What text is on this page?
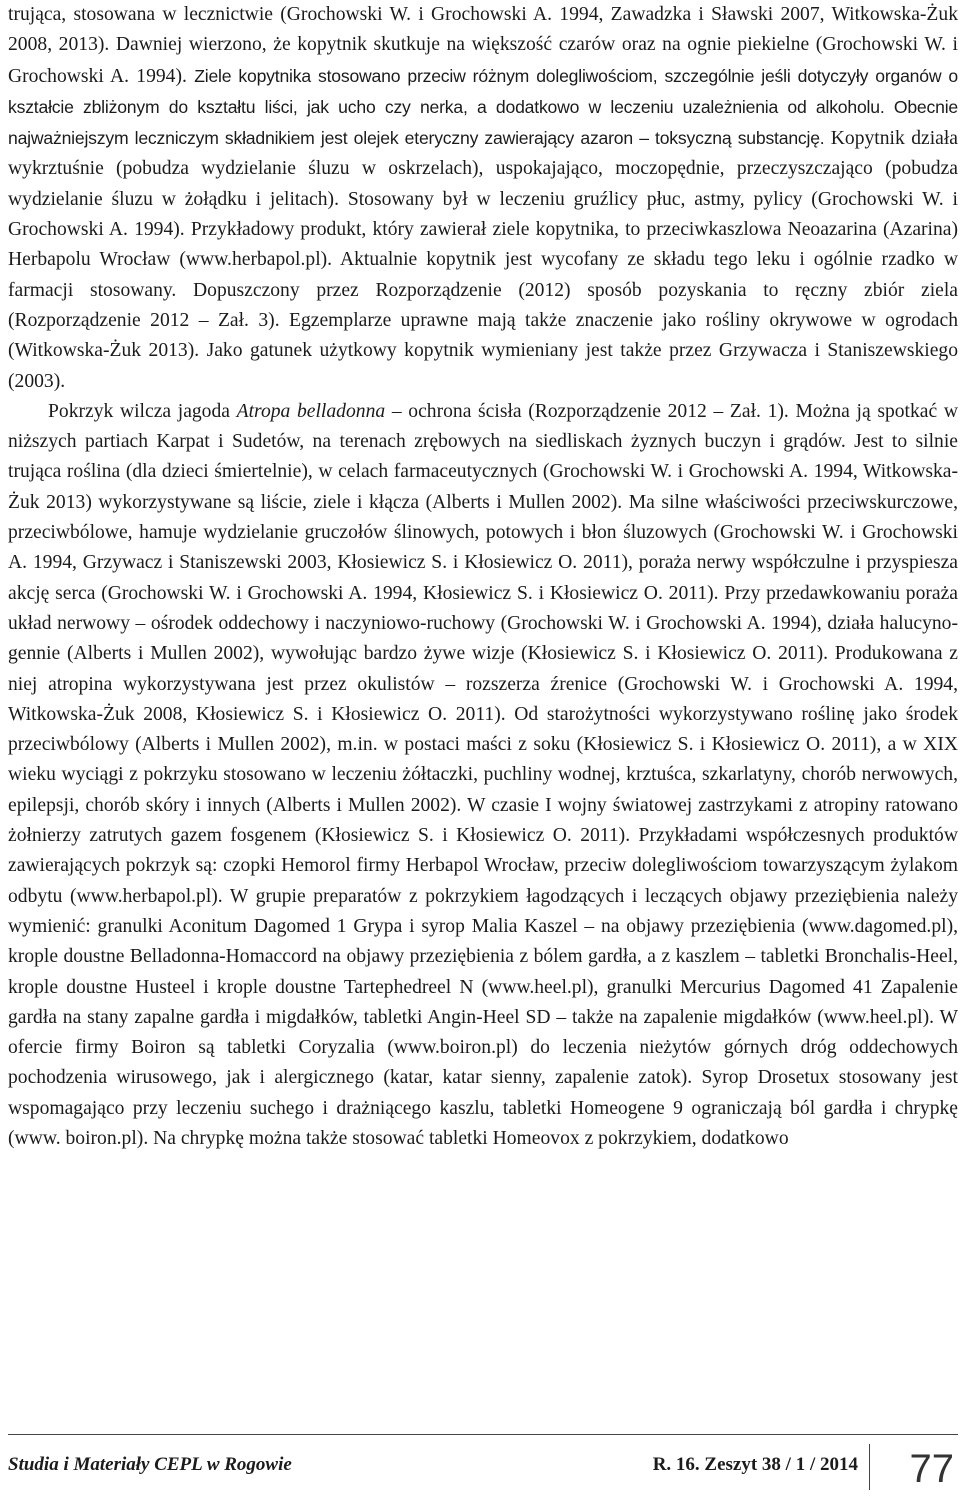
trująca, stosowana w lecznictwie (Grochowski W. i Grochowski A. 1994, Zawadzka i Sławski 2007, Witkowska-Żuk 2008, 2013). Dawniej wierzono, że kopytnik skutkuje na większość czarów oraz na ognie piekielne (Grochowski W. i Grochowski A. 1994). Ziele kopytnika stosowano przeciw różnym dolegliwościom, szczególnie jeśli dotyczyły organów o kształcie zbliżonym do kształtu liści, jak ucho czy nerka, a dodatkowo w leczeniu uzależnienia od alkoholu. Obecnie najważniejszym leczniczym składnikiem jest olejek eteryczny zawierający azaron – toksyczną substancję. Kopytnik działa wykrztuśnie (pobudza wydzielanie śluzu w oskrzelach), uspokajająco, moczopędnie, przeczyszczająco (pobudza wydzielanie śluzu w żołądku i jelitach). Stosowany był w leczeniu gruźlicy płuc, astmy, pylicy (Grochowski W. i Grochowski A. 1994). Przykładowy produkt, który zawierał ziele kopytnika, to przeciwkaszlowa Neoazarina (Azarina) Herbapolu Wrocław (www.herbapol.pl). Aktualnie kopytnik jest wycofany ze składu tego leku i ogólnie rzadko w farmacji stosowany. Dopuszczony przez Rozporządzenie (2012) sposób pozyskania to ręczny zbiór ziela (Rozporządzenie 2012 – Zał. 3). Egzemplarze uprawne mają także znaczenie jako rośliny okrywowe w ogrodach (Witkowska-Żuk 2013). Jako gatunek użytkowy kopytnik wymieniany jest także przez Grzywacza i Staniszewskiego (2003).

Pokrzyk wilcza jagoda Atropa belladonna – ochrona ścisła (Rozporządzenie 2012 – Zał. 1). Można ją spotkać w niższych partiach Karpat i Sudetów, na terenach zrębowych na siedliskach żyznych buczyn i grądów. Jest to silnie trująca roślina (dla dzieci śmiertelnie), w celach farmaceutycznych (Grochowski W. i Grochowski A. 1994, Witkowska-Żuk 2013) wykorzystywane są liście, ziele i kłącza (Alberts i Mullen 2002). Ma silne właściwości przeciwskurczowe, przeciwbólowe, hamuje wydzielanie gruczołów ślinowych, potowych i błon śluzowych (Grochowski W. i Grochowski A. 1994, Grzywacz i Staniszewski 2003, Kłosiewicz S. i Kłosiewicz O. 2011), poraża nerwy współczulne i przyspiesza akcję serca (Grochowski W. i Grochowski A. 1994, Kłosiewicz S. i Kłosiewicz O. 2011). Przy przedawkowaniu poraża układ nerwowy – ośrodek oddechowy i naczyniowo-ruchowy (Grochowski W. i Grochowski A. 1994), działa halucynogennie (Alberts i Mullen 2002), wywołując bardzo żywe wizje (Kłosiewicz S. i Kłosiewicz O. 2011). Produkowana z niej atropina wykorzystywana jest przez okulistów – rozszerza źrenice (Grochowski W. i Grochowski A. 1994, Witkowska-Żuk 2008, Kłosiewicz S. i Kłosiewicz O. 2011). Od starożytności wykorzystywano roślinę jako środek przeciwbólowy (Alberts i Mullen 2002), m.in. w postaci maści z soku (Kłosiewicz S. i Kłosiewicz O. 2011), a w XIX wieku wyciągi z pokrzyku stosowano w leczeniu żółtaczki, puchliny wodnej, krztuśca, szkarlatyny, chorób nerwowych, epilepsji, chorób skóry i innych (Alberts i Mullen 2002). W czasie I wojny światowej zastrzykami z atropiny ratowano żołnierzy zatrutych gazem fosgenem (Kłosiewicz S. i Kłosiewicz O. 2011). Przykładami współczesnych produktów zawierających pokrzyk są: czopki Hemorol firmy Herbapol Wrocław, przeciw dolegliwościom towarzyszącym żylakom odbytu (www.herbapol.pl). W grupie preparatów z pokrzykiem łagodzących i leczących objawy przeziębienia należy wymienić: granulki Aconitum Dagomed 1 Grypa i syrop Malia Kaszel – na objawy przeziębienia (www.dagomed.pl), krople doustne Belladonna-Homaccord na objawy przeziębienia z bólem gardła, a z kaszlem – tabletki Bronchalis-Heel, krople doustne Husteel i krople doustne Tartephedreel N (www.heel.pl), granulki Mercurius Dagomed 41 Zapalenie gardła na stany zapalne gardła i migdałków, tabletki Angin-Heel SD – także na zapalenie migdałków (www.heel.pl). W ofercie firmy Boiron są tabletki Coryzalia (www.boiron.pl) do leczenia nieżytów górnych dróg oddechowych pochodzenia wirusowego, jak i alergicznego (katar, katar sienny, zapalenie zatok). Syrop Drosetux stosowany jest wspomagająco przy leczeniu suchego i drażniącego kaszlu, tabletki Homeogene 9 ograniczają ból gardła i chrypkę (www. boiron.pl). Na chrypkę można także stosować tabletki Homeovox z pokrzykiem, dodatkowo

Studia i Materiały CEPL w Rogowie	R. 16. Zeszyt 38 / 1 / 2014 77
